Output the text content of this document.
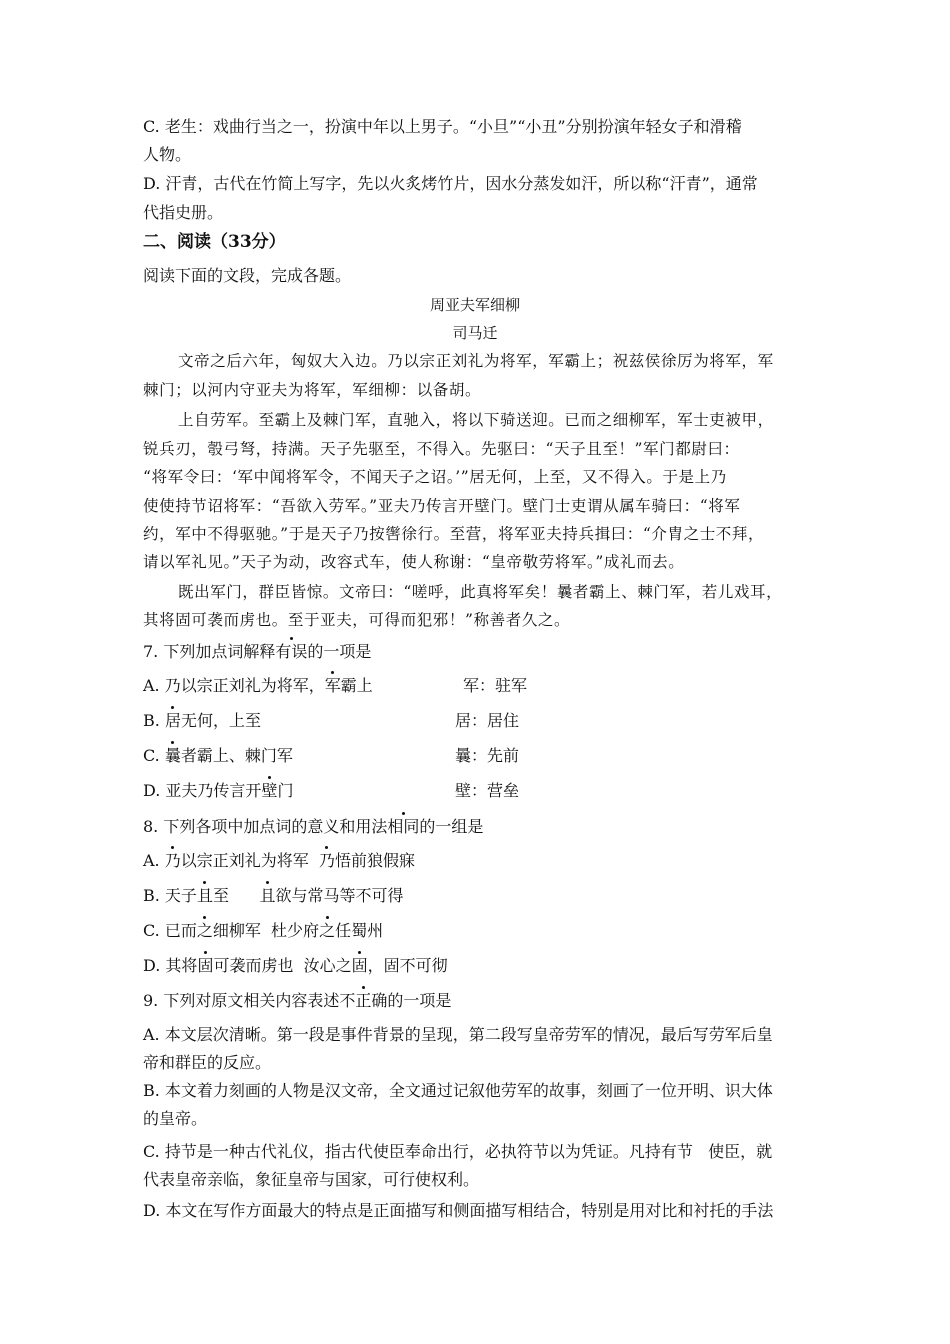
C. 老生：戏曲行当之一，扮演中年以上男子。“小旦”“小丑”分别扮演年轻女子和滑稽
人物。
D. 汗青，古代在竹简上写字，先以火炙烤竹片，因水分蒸发如汗，所以称“汗青”，通常
代指史册。
二、阅读（33分）
阅读下面的文段，完成各题。
周亚夫军细柳
司马迁
文帝之后六年，匈奴大入边。乃以宗正刘礼为将军，军霸上；祝兹侯徐厉为将军，军
棘门；以河内守亚夫为将军，军细柳：以备胡。
上自劳军。至霸上及棘门军，直驰入，将以下骑送迎。已而之细柳军，军士吏被甲，
锐兵刃，彀弓弩，持满。天子先驱至，不得入。先驱曰：“天子且至！”军门都尉曰：
“将军令曰：‘军中闻将军令，不闻天子之诏。’”居无何，上至，又不得入。于是上乃
使使持节诏将军：“吾欲入劳军。”亚夫乃传言开壁门。壁门士吏谓从属车骑曰：“将军
约，军中不得驱驰。”于是天子乃按辔徐行。至营，将军亚夫持兵揖曰：“介胄之士不拜，
请以军礼见。”天子为动，改容式车，使人称谢：“皇帝敬劳将军。”成礼而去。
既出军门，群臣皆惊。文帝曰：“嗟呼，此真将军矣！曩者霸上、棘门军，若儿戏耳，
其将固可袭而虏也。至于亚夫，可得而犯邪！”称善者久之。
7. 下列加点词解释有误的一项是
A. 乃以宗正刘礼为将军，军霸上	军：驻军
B. 居无何，上至	居：居住
C. 曩者霸上、棘门军	曩：先前
D. 亚夫乃传言开壁门	壁：营垒
8. 下列各项中加点词的意义和用法相同的一组是
A. 乃以宗正刘礼为将军  乃悟前狼假寐
B. 天子且至      且欲与常马等不可得
C. 已而之细柳军  杜少府之任蜀州
D. 其将固可袭而虏也  汝心之固，固不可彻
9. 下列对原文相关内容表述不正确的一项是
A. 本文层次清晰。第一段是事件背景的呈现，第二段写皇帝劳军的情况，最后写劳军后皇
帝和群臣的反应。
B. 本文着力刻画的人物是汉文帝，全文通过记叙他劳军的故事，刻画了一位开明、识大体
的皇帝。
C. 持节是一种古代礼仪，指古代使臣奉命出行，必执符节以为凭证。凡持有节   使臣，就
代表皇帝亲临，象征皇帝与国家，可行使权利。
D. 本文在写作方面最大的特点是正面描写和侧面描写相结合，特别是用对比和衬托的手法
